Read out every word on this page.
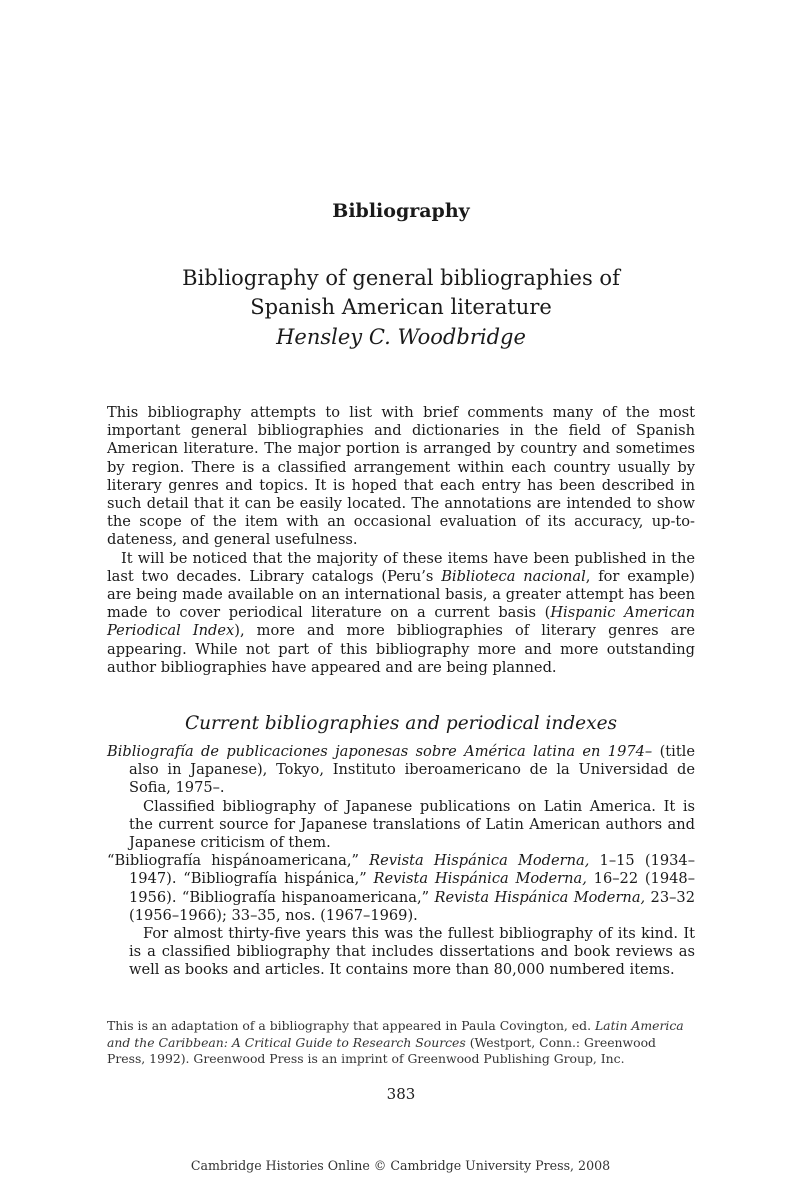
Bibliography
Bibliography of general bibliographies of
Spanish American literature
Hensley C. Woodbridge

This bibliography attempts to list with brief comments many of the most important general bibliographies and dictionaries in the field of Spanish American literature. The major portion is arranged by country and sometimes by region. There is a classified arrangement within each country usually by literary genres and topics. It is hoped that each entry has been described in such detail that it can be easily located. The annotations are intended to show the scope of the item with an occasional evaluation of its accuracy, up-to-dateness, and general usefulness.

It will be noticed that the majority of these items have been published in the last two decades. Library catalogs (Peru’s Biblioteca nacional, for example) are being made available on an international basis, a greater attempt has been made to cover periodical literature on a current basis (Hispanic American Periodical Index), more and more bibliographies of literary genres are appearing. While not part of this bibliography more and more outstanding author bibliographies have appeared and are being planned.

Current bibliographies and periodical indexes
Bibliografía de publicaciones japonesas sobre América latina en 1974– (title also in Japanese), Tokyo, Instituto iberoamericano de la Universidad de Sofia, 1975–.
Classified bibliography of Japanese publications on Latin America. It is the current source for Japanese translations of Latin American authors and Japanese criticism of them.
“Bibliografía hispánoamericana,” Revista Hispánica Moderna, 1–15 (1934–1947). “Bibliografía hispánica,” Revista Hispánica Moderna, 16–22 (1948–1956). “Bibliografía hispanoamericana,” Revista Hispánica Moderna, 23–32 (1956–1966); 33–35, nos. (1967–1969).
For almost thirty-five years this was the fullest bibliography of its kind. It is a classified bibliography that includes dissertations and book reviews as well as books and articles. It contains more than 80,000 numbered items.
This is an adaptation of a bibliography that appeared in Paula Covington, ed. Latin America and the Caribbean: A Critical Guide to Research Sources (Westport, Conn.: Greenwood Press, 1992). Greenwood Press is an imprint of Greenwood Publishing Group, Inc.
383
Cambridge Histories Online © Cambridge University Press, 2008
